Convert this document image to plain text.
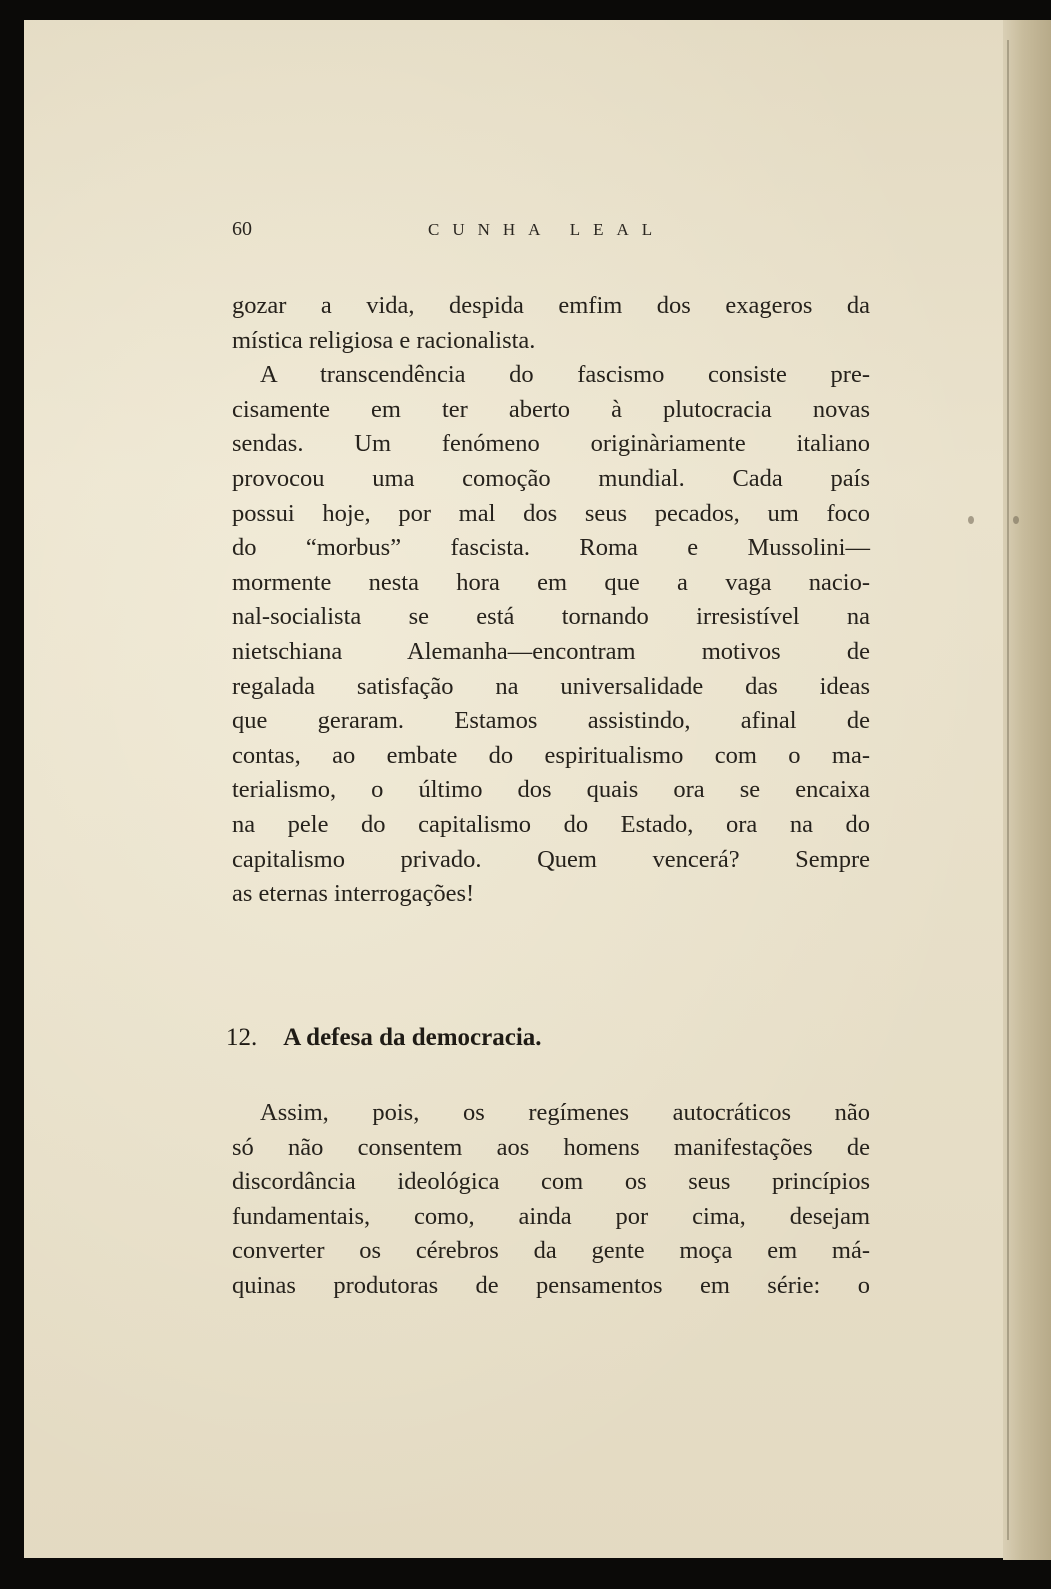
60	CUNHA LEAL
gozar a vida, despida emfim dos exageros da
mística religiosa e racionalista.
A transcendência do fascismo consiste pre-
cisamente em ter aberto à plutocracia novas
sendas. Um fenómeno originàriamente italiano
provocou uma comoção mundial. Cada país
possui hoje, por mal dos seus pecados, um foco
do “morbus” fascista. Roma e Mussolini—
mormente nesta hora em que a vaga nacio-
nal-socialista se está tornando irresistível na
nietschiana Alemanha—encontram motivos de
regalada satisfação na universalidade das ideas
que geraram. Estamos assistindo, afinal de
contas, ao embate do espiritualismo com o ma-
terialismo, o último dos quais ora se encaixa
na pele do capitalismo do Estado, ora na do
capitalismo privado. Quem vencerá? Sempre
as eternas interrogações!
12. A defesa da democracia.
Assim, pois, os regímenes autocráticos não
só não consentem aos homens manifestações de
discordância ideológica com os seus princípios
fundamentais, como, ainda por cima, desejam
converter os cérebros da gente moça em má-
quinas produtoras de pensamentos em série: o
